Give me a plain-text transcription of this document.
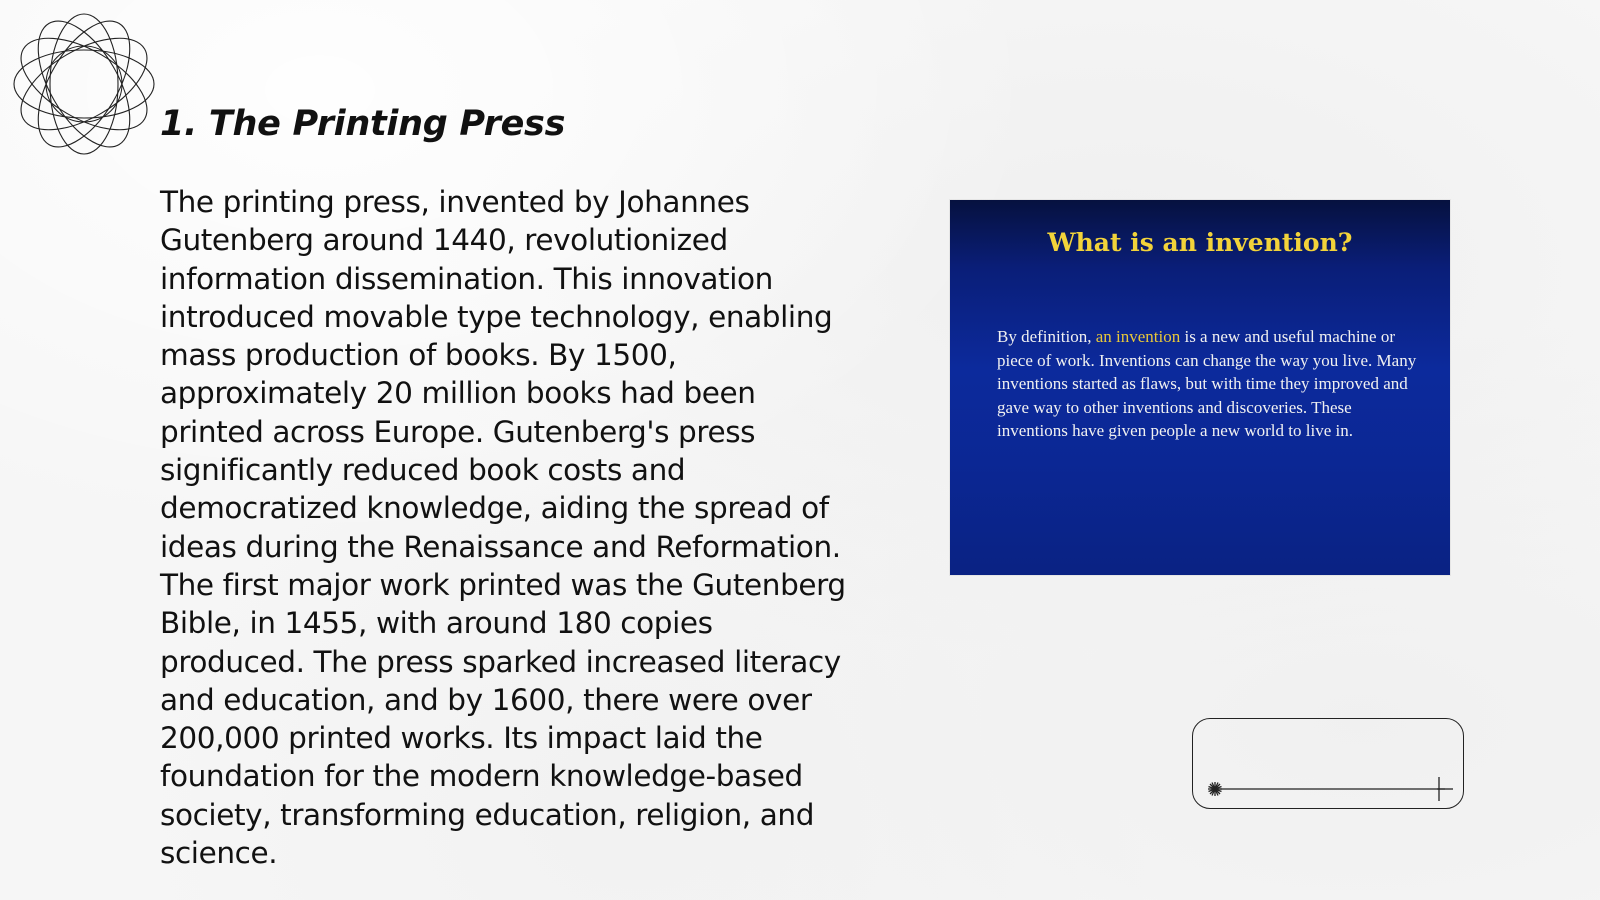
1. The Printing Press

The printing press, invented by Johannes Gutenberg around 1440, revolutionized information dissemination. This innovation introduced movable type technology, enabling mass production of books. By 1500, approximately 20 million books had been printed across Europe. Gutenberg's press significantly reduced book costs and democratized knowledge, aiding the spread of ideas during the Renaissance and Reformation. The first major work printed was the Gutenberg Bible, in 1455, with around 180 copies produced. The press sparked increased literacy and education, and by 1600, there were over 200,000 printed works. Its impact laid the foundation for the modern knowledge-based society, transforming education, religion, and science.

What is an invention?
By definition, an invention is a new and useful machine or piece of work. Inventions can change the way you live. Many inventions started as flaws, but with time they improved and gave way to other inventions and discoveries. These inventions have given people a new world to live in.
